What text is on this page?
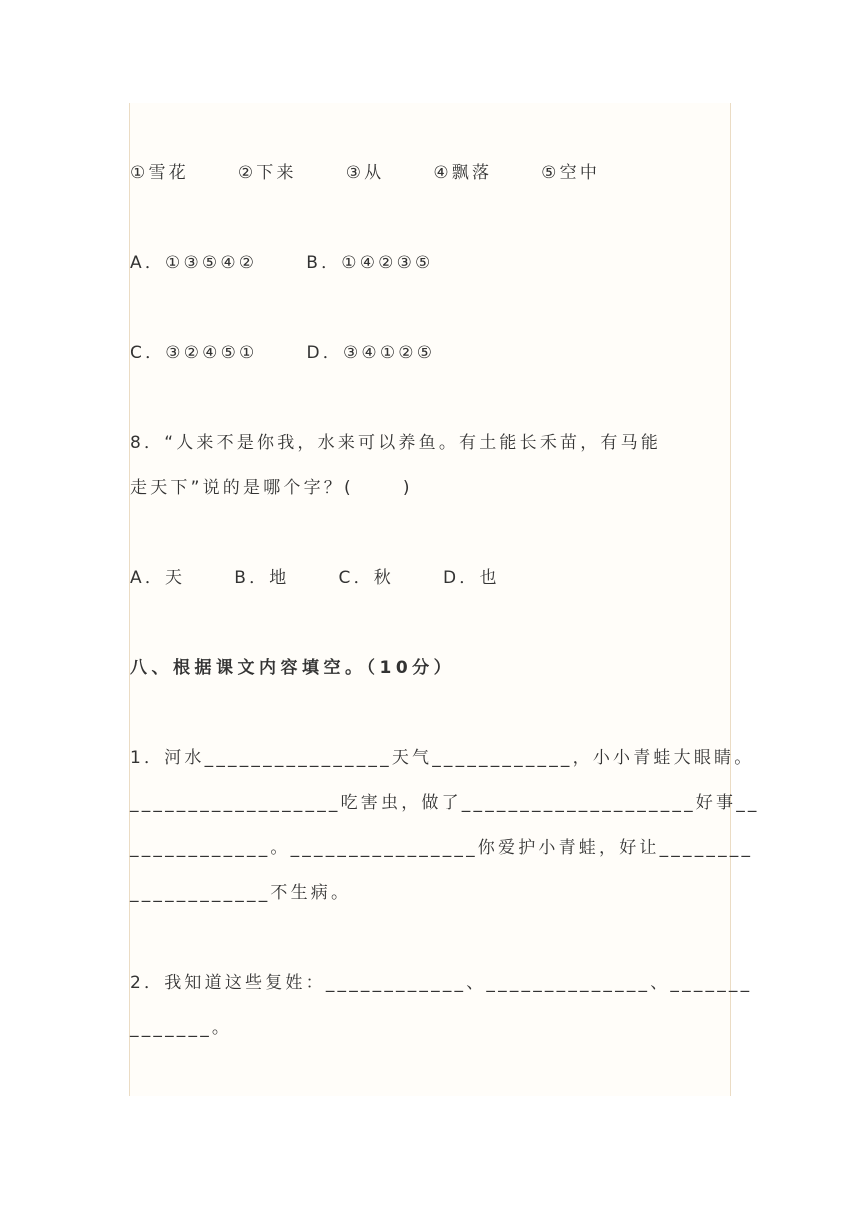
①雪花　　 ②下来　　 ③从　　 ④飘落　　 ⑤空中
A．①③⑤④②　　 B．①④②③⑤
C．③②④⑤①　　 D．③④①②⑤
8．“人来不是你我，水来可以养鱼。有土能长禾苗，有马能
走天下”说的是哪个字？(　　 )
A．天　　 B．地　　 C．秋　　 D．也
八、根据课文内容填空。（10分）
1．河水________________天气____________，小小青蛙大眼睛。
__________________吃害虫，做了____________________好事__
____________。________________你爱护小青蛙，好让________
____________不生病。
2．我知道这些复姓：____________、______________、_______
_______。
